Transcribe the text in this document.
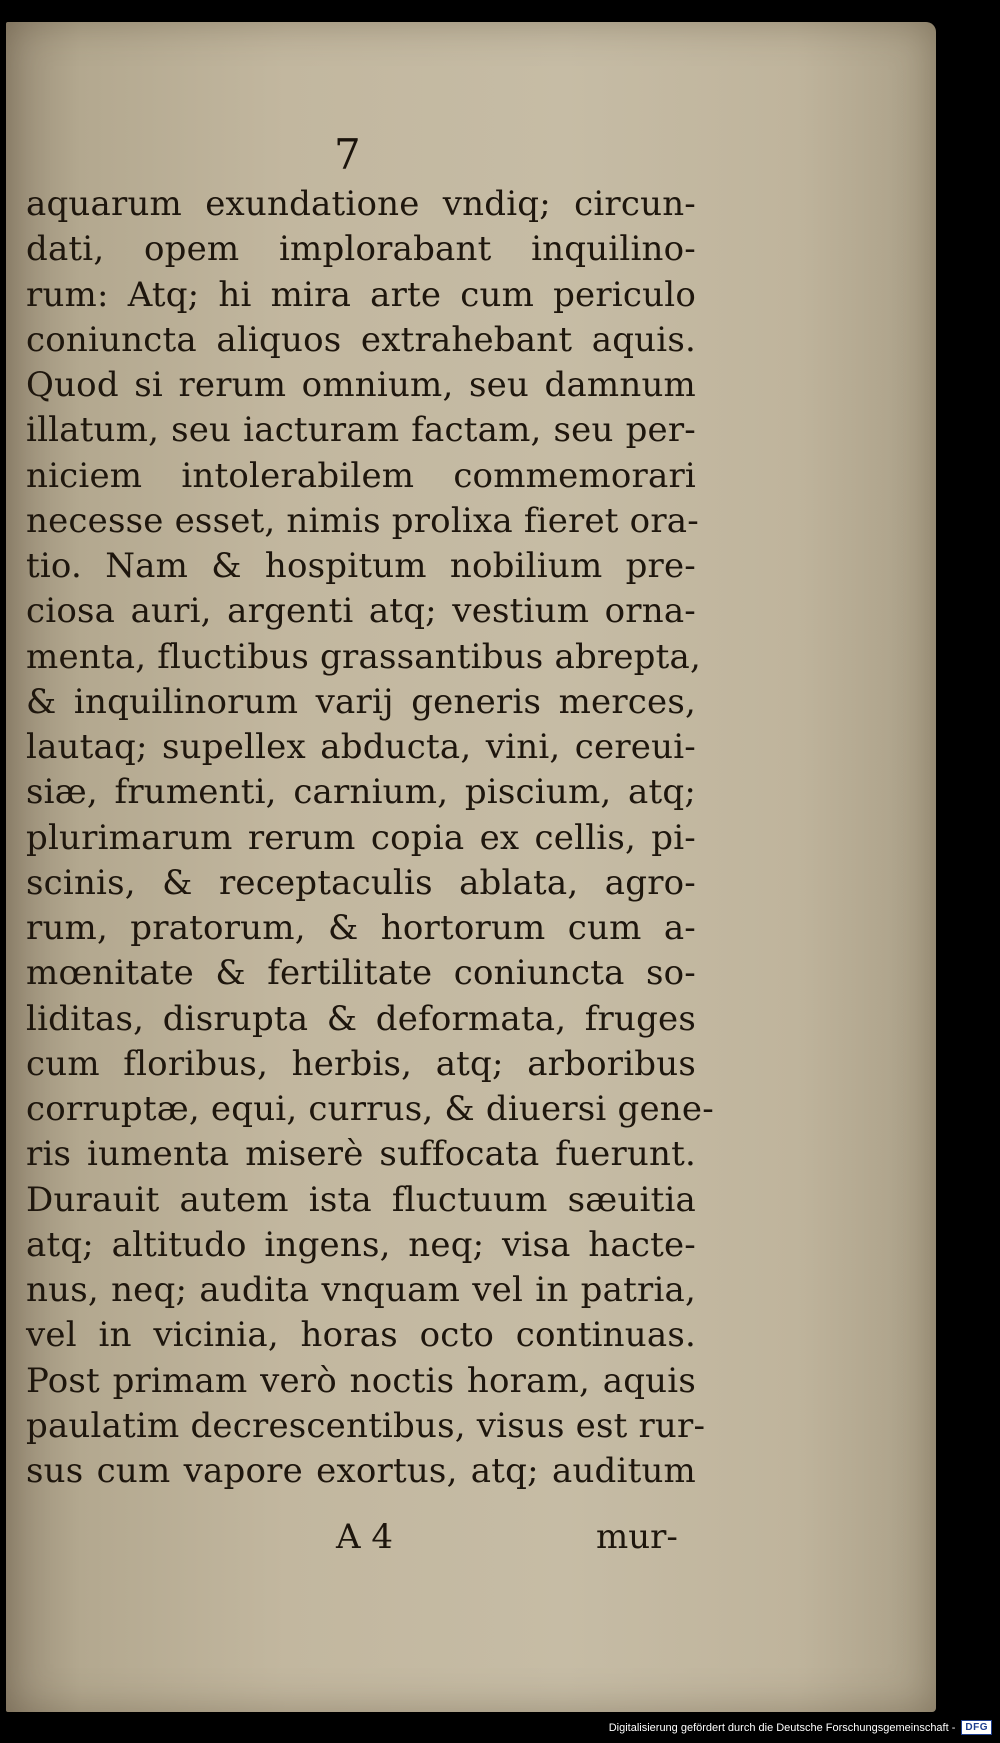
7

aquarum exundatione vndiq; circun-
dati, opem implorabant inquilino-
rum: Atq; hi mira arte cum periculo
coniuncta aliquos extrahebant aquis.
Quod si rerum omnium, seu damnum
illatum, seu iacturam factam, seu per-
niciem intolerabilem commemorari
necesse esset, nimis prolixa fieret ora-
tio. Nam & hospitum nobilium pre-
ciosa auri, argenti atq; vestium orna-
menta, fluctibus grassantibus abrepta,
& inquilinorum varij generis merces,
lautaq; supellex abducta, vini, cereui-
siæ, frumenti, carnium, piscium, atq;
plurimarum rerum copia ex cellis, pi-
scinis, & receptaculis ablata, agro-
rum, pratorum, & hortorum cum a-
mœnitate & fertilitate coniuncta so-
liditas, disrupta & deformata, fruges
cum floribus, herbis, atq; arboribus
corruptæ, equi, currus, & diuersi gene-
ris iumenta miserè suffocata fuerunt.
Durauit autem ista fluctuum sæuitia
atq; altitudo ingens, neq; visa hacte-
nus, neq; audita vnquam vel in patria,
vel in vicinia, horas octo continuas.
Post primam verò noctis horam, aquis
paulatim decrescentibus, visus est rur-
sus cum vapore exortus, atq; auditum

A 4	mur-

Digitalisierung gefördert durch die Deutsche Forschungsgemeinschaft -	DFG
